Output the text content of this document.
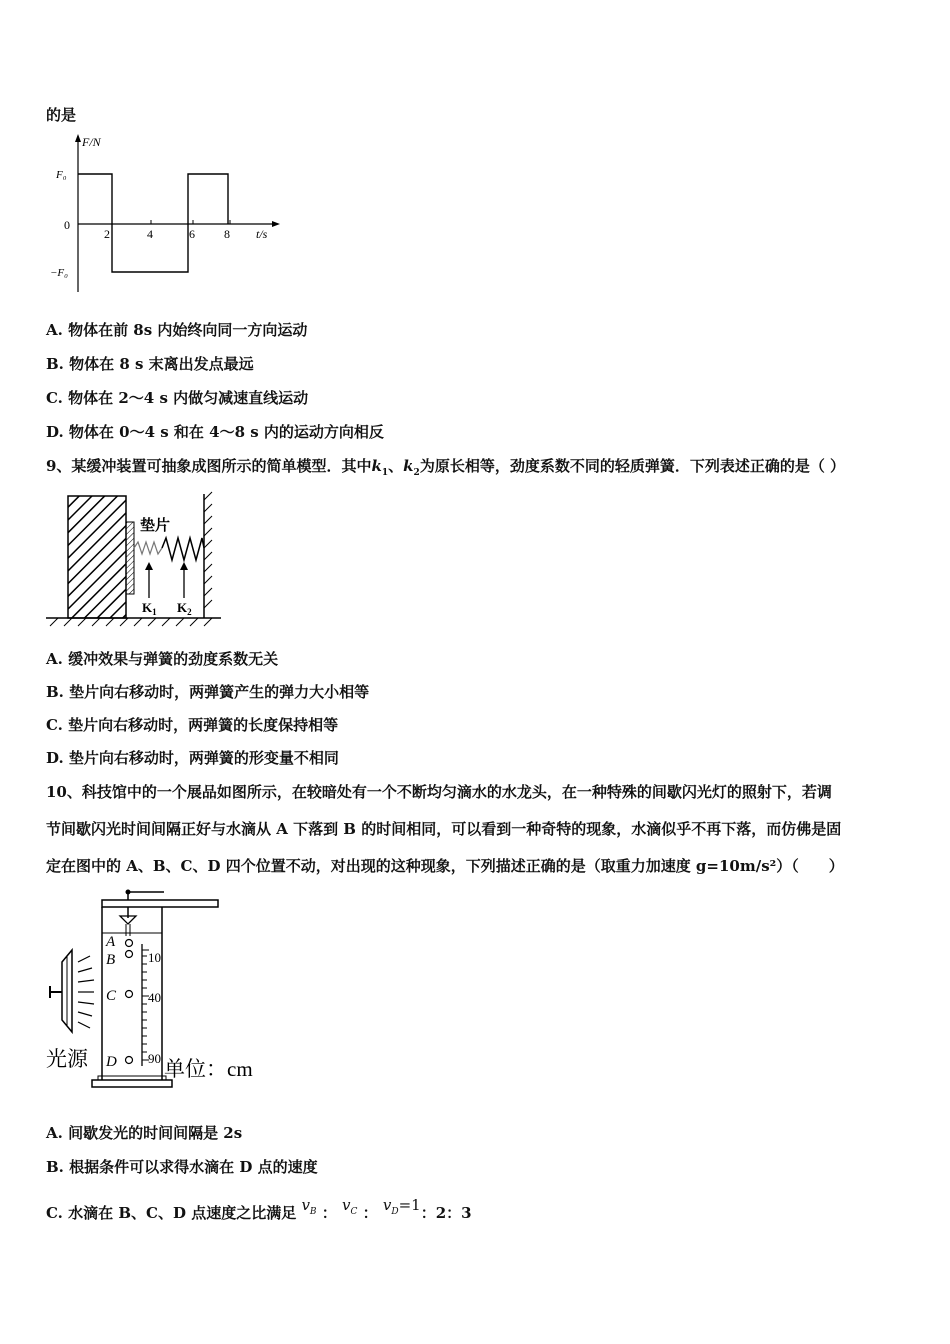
的是
F/N
F₀
0
−F₀
t/s
2	4	6 8
A. 物体在前 8s 内始终向同一方向运动
B. 物体在 8 s 末离出发点最远
C. 物体在 2～4 s 内做匀减速直线运动
D. 物体在 0～4 s 和在 4～8 s 内的运动方向相反
9、某缓冲装置可抽象成图所示的简单模型．其中$k_1$、$k_2$为原长相等，劲度系数不同的轻质弹簧．下列表述正确的是（ ）
垫片
$K_1$ $K_2$
A. 缓冲效果与弹簧的劲度系数无关
B. 垫片向右移动时，两弹簧产生的弹力大小相等
C. 垫片向右移动时，两弹簧的长度保持相等
D. 垫片向右移动时，两弹簧的形变量不相同
10、科技馆中的一个展品如图所示，在较暗处有一个不断均匀滴水的水龙头，在一种特殊的间歇闪光灯的照射下，若调
节间歇闪光时间间隔正好与水滴从 A 下落到 B 的时间相同，可以看到一种奇特的现象，水滴似乎不再下落，而仿佛是固
定在图中的 A、B、C、D 四个位置不动，对出现的这种现象，下列描述正确的是（取重力加速度 g=10m/s²）（　　）
10
40
90
A
B
C
D
光源	单位：cm
A. 间歇发光的时间间隔是 2s
B. 根据条件可以求得水滴在 D 点的速度
C. 水滴在 B、C、D 点速度之比满足 $v_B$ ： $v_C$ ： $v_D=1$：2：3
